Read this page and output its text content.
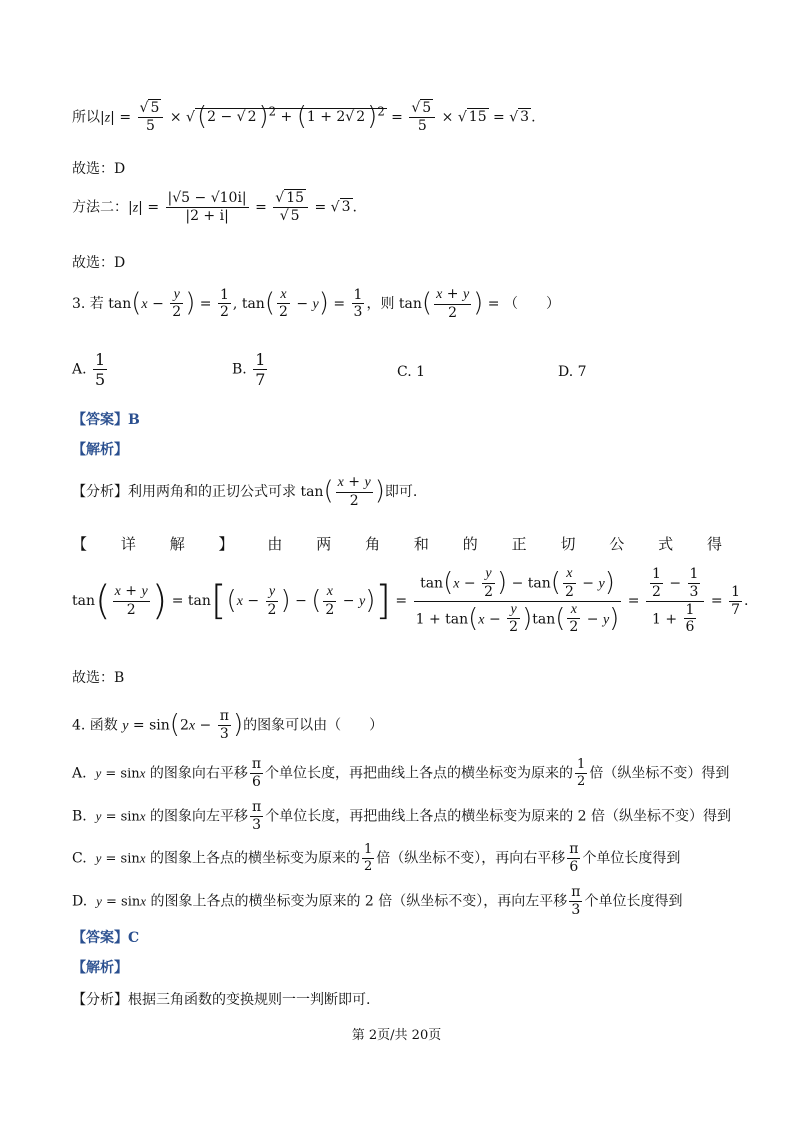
所以$|z| = \frac{√ 5}{5} \times √(2$ − √ 2)$^2$ + (1 + 2√ $2)^2 = \frac{√ 5}{5}$ × √ 15 = √ 3 .
故选：D
方法二：$|z| = \frac{|√5 - √10i|}{|2 + i|} = \frac{√ 15}{√ 5}$ = √ 3 .
故选：D
3. 若 $\tan(x - \frac{y}{2}$ ) = $\frac{1}{2}$ , $\tan( \frac{x}{2} - y) = \frac{1}{3}$ ，则 $\tan( \frac{x + y}{2}$ ) = （　　）
A. $\frac{1}{5}$	B. $\frac{1}{7}$	C. 1	D. 7
【答案】B
【解析】
【分析】利用两角和的正切公式可求 $\tan( \frac{x + y}{2}$ )即可.
【 详 解 】 由 两 角 和 的 正 切 公 式 得
$\tan( \frac{x + y}{2}$ ) = $\tan[(x - \frac{y}{2}$ ) − ( $\frac{x}{2} - y)] = \frac{\tan(x - \frac{y}{2} ) - \tan( \frac{x}{2} - y)}{1 + \tan(x - \frac{y}{2} )\tan( \frac{x}{2} - y)} = \frac{\frac{1}{2} - \frac{1}{3}}{1 + \frac{1}{6}} = \frac{1}{7}$ .
故选：B
4. 函数 $y = \sin(2x - \frac{\pi}{3}$ )的图象可以由（　　）
A. y = sinx 的图象向右平移 $\frac{\pi}{6}$ 个单位长度，再把曲线上各点的横坐标变为原来的 $\frac{1}{2}$ 倍（纵坐标不变）得到
B. y = sinx 的图象向左平移 $\frac{\pi}{3}$ 个单位长度，再把曲线上各点的横坐标变为原来的 2 倍（纵坐标不变）得到
C. y = sinx 的图象上各点的横坐标变为原来的 $\frac{1}{2}$ 倍（纵坐标不变），再向右平移 $\frac{\pi}{6}$ 个单位长度得到
D. y = sinx 的图象上各点的横坐标变为原来的 2 倍（纵坐标不变），再向左平移 $\frac{\pi}{3}$ 个单位长度得到
【答案】C
【解析】
【分析】根据三角函数的变换规则一一判断即可.
第 2页/共 20页
